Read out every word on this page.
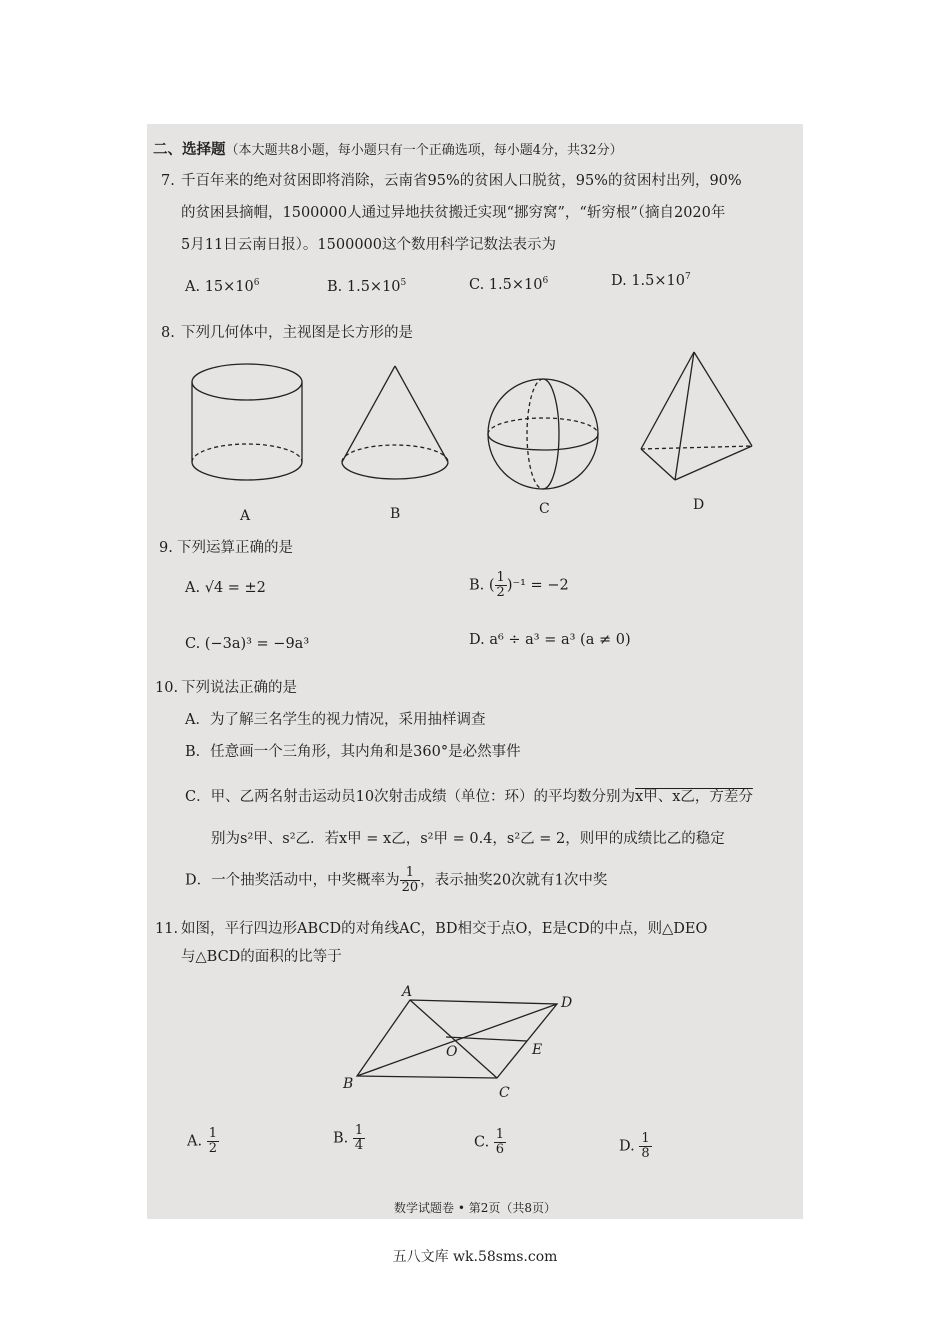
二、选择题（本大题共8小题，每小题只有一个正确选项，每小题4分，共32分）
7. 千百年来的绝对贫困即将消除，云南省95%的贫困人口脱贫，95%的贫困村出列，90%
的贫困县摘帽，1500000人通过异地扶贫搬迁实现“挪穷窝”，“斩穷根”（摘自2020年
5月11日云南日报）。1500000这个数用科学记数法表示为
A. $15\times 10^6$	B. $1.5\times 10^5$	C. $1.5\times 10^6$	D. $1.5\times 10^7$
8. 下列几何体中，主视图是长方形的是
A	B	C	D
9. 下列运算正确的是
A. √4 = ±2	B. ( $\frac{1}{2} )^{-1} = -2$
C. (−3a)³ = −9a³	D. a⁶ ÷ a³ = a³ (a ≠ 0)
10. 下列说法正确的是
A．为了解三名学生的视力情况，采用抽样调查
B．任意画一个三角形，其内角和是360°是必然事件
C．甲、乙两名射击运动员10次射击成绩（单位：环）的平均数分别为x甲、x乙，方差分
别为s²甲、s²乙．若x甲 = x乙，s²甲 = 0.4，s²乙 = 2，则甲的成绩比乙的稳定
D．一个抽奖活动中，中奖概率为 $\frac{1}{20}$ ，表示抽奖20次就有1次中奖
11. 如图，平行四边形ABCD的对角线AC，BD相交于点O，E是CD的中点，则△DEO
与△BCD的面积的比等于
A
D
O	E
B
C
A. $\frac{1}{2}$	B. $\frac{1}{4}$	C. $\frac{1}{6}$	D. $\frac{1}{8}$
数学试题卷 • 第2页（共8页）
五八文库 wk.58sms.com
